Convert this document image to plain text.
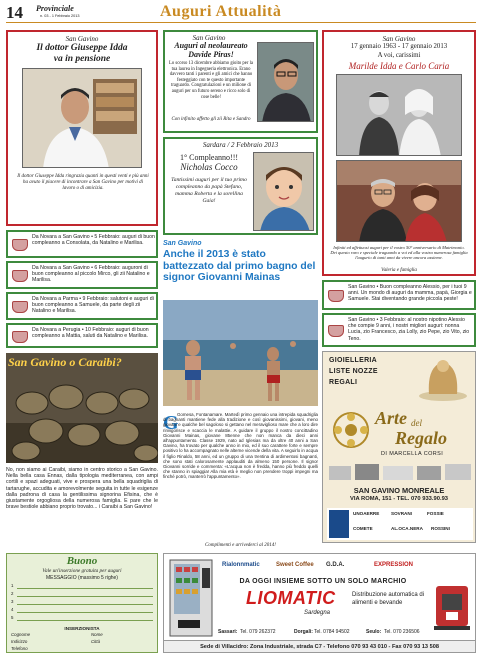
14 Provinciale
n. 03 - 1 Febbraio 2013	Auguri Attualità
San Gavino
Il dottor Giuseppe Idda
va in pensione
Il dottor Giuseppe Idda ringrazia quanti in questi venti e più anni ha avuto il piacere di incontrare a San Gavino per motivi di lavoro o di amicizia.
San Gavino
Auguri al neolaureato Davide Piras!
Lo scorso 13 dicembre abbiamo gioito per la tua laurea in Ingegneria elettronica. Erano davvero tanti i parenti e gli amici che hanno festeggiato con te questo importante traguardo. Congratulazioni e un milione di auguri per un futuro sereno e ricco solo di cose belle!
Con infinito affetto gli zii Rita e Sandro
Sardara / 2 Febbraio 2013
1° Compleanno!!!
Nicholas Cocco
Tantissimi auguri per il tuo primo compleanno da papà Stefano, mamma Roberta e la sorellina Gaia!
San Gavino
17 gennaio 1963 - 17 gennaio 2013
A voi, carissimi
Marilde Idda e Carlo Caria
Infiniti ed affettuosi auguri per il vostro 50° anniversario di Matrimonio. Dei questo raro e speciale traguardo a voi ed alla vostra numerosa famiglia l'augurio di tanti anni da vivere ancora assieme.
Valeria e famiglia
Da Novara a San Gavino • 5 Febbraio: auguri di buon compleanno a Consolata, da Natalino e Marilisa.
Da Novara a San Gavino • 6 Febbraio: auguroni di buon compleanno al piccolo Mirco, gli zii Natalino e Marilisa.
Da Novara a Parma • 9 Febbraio: salutoni e auguri di buon compleanno a Samuele, da parte degli zii Natalino e Marilisa.
Da Novara a Perugia • 10 Febbraio: auguri di buon compleanno a Mattia, saluti da Natalino e Marilisa.
San Gavino • Buon compleanno Alessio, per i tuoi 9 anni. Un mondo di auguri da mamma, papà, Giorgia e Samuele. Stai diventando grande piccola peste!
San Gavino • 3 Febbraio: al nostro nipotino Alessio che compie 9 anni, i nostri migliori auguri: nonna Lucia, zio Francesco, zia Lolly, zio Pepe, zio Vito, zio Teno.
San Gavino o Caraibi?
No, non siamo ai Caraibi, siamo in centro storico a San Gavino. Nella bella casa Ennas, dalla tipologia mediterranea, con ampi cortili e spazi adeguati, vive e prospera una bella squadriglia di tartarughe, accudita e amorevolmente seguita in tutte le esigenze dalla padrona di casa la gentilissima signorina Efisina, che è giustamente orgogliosa della numerosa famiglia. E pare che le brave bestiole abbiano proprio trovato... i Caraibi a San Gavino!
San Gavino
Anche il 2013 è stato battezzato dal primo bagno del signor Giovanni Mainas
G
Gomesa, Fontanamare. Martedì primo gennaio una intrepida squadriglia di bagnanti mantiene fede alla tradizione e così giovanissimi, giovani, meno giovani e qualche bel sagoloso si gettano nel meraviglioso mare che a loro dire rinvigorisce e scaccia le malattie. A guidare il gruppo il nostro concittadino Giovanni Mainas, giovane 85enne che non manca da dieci anni all'appuntamento. Classe 1929, nato ad Iglesias ma da oltre 40 anni a San Gavino, ha trovato per qualche anno in mio, ed il suo carattere forte e sempre positivo lo ha accompagnato nelle alterne vicende della vita. A seguirlo in acqua il figlio Rinaldo, 58 anni, ed un gruppo di una trentina di ardimentosi bagnanti, che sono stati calorosamente applauditi da almeno 150 persone. Il signor Giovanni sorride e commenta: «L'acqua non è fredda, hanno più freddo quelli che stanno in spiaggia! Alla mia età è meglio non prendere troppi impegni ma finché potrò, manterrò l'appuntamento».
Complimenti e arrivederci al 2014!
GIOIELLERIA
LISTE NOZZE
REGALI
Arte del
Regalo
DI MARCELLA CORSI
SAN GAVINO MONREALE
VIA ROMA, 151 - TEL. 070 933.90.93
UNOAERRE	SOVRANI	FOSSIE
COMETE	AL.OCA.NERA ROSSINI
Buono
Vale un'inserzione gratuita per auguri
MESSAGGIO (massimo 5 righe)
1
2
3
4
5
INSERZIONISTA
Cognome	Nome
Indirizzo	Città
Telefono
Rialonnmatic	Sweet Coffee G.D.A.	EXPRESSION
DA OGGI INSIEME SOTTO UN SOLO MARCHIO
LIOMATIC
Sardegna
Distribuzione automatica di alimenti e bevande
Sassari: Tel. 079 262372	Dorgali: Tel. 0784 94502	Seulo: Tel. 070 236506
Sede di Villacidro: Zona Industriale, strada C7 - Telefono 070 93 43 010 - Fax 070 93 13 508
